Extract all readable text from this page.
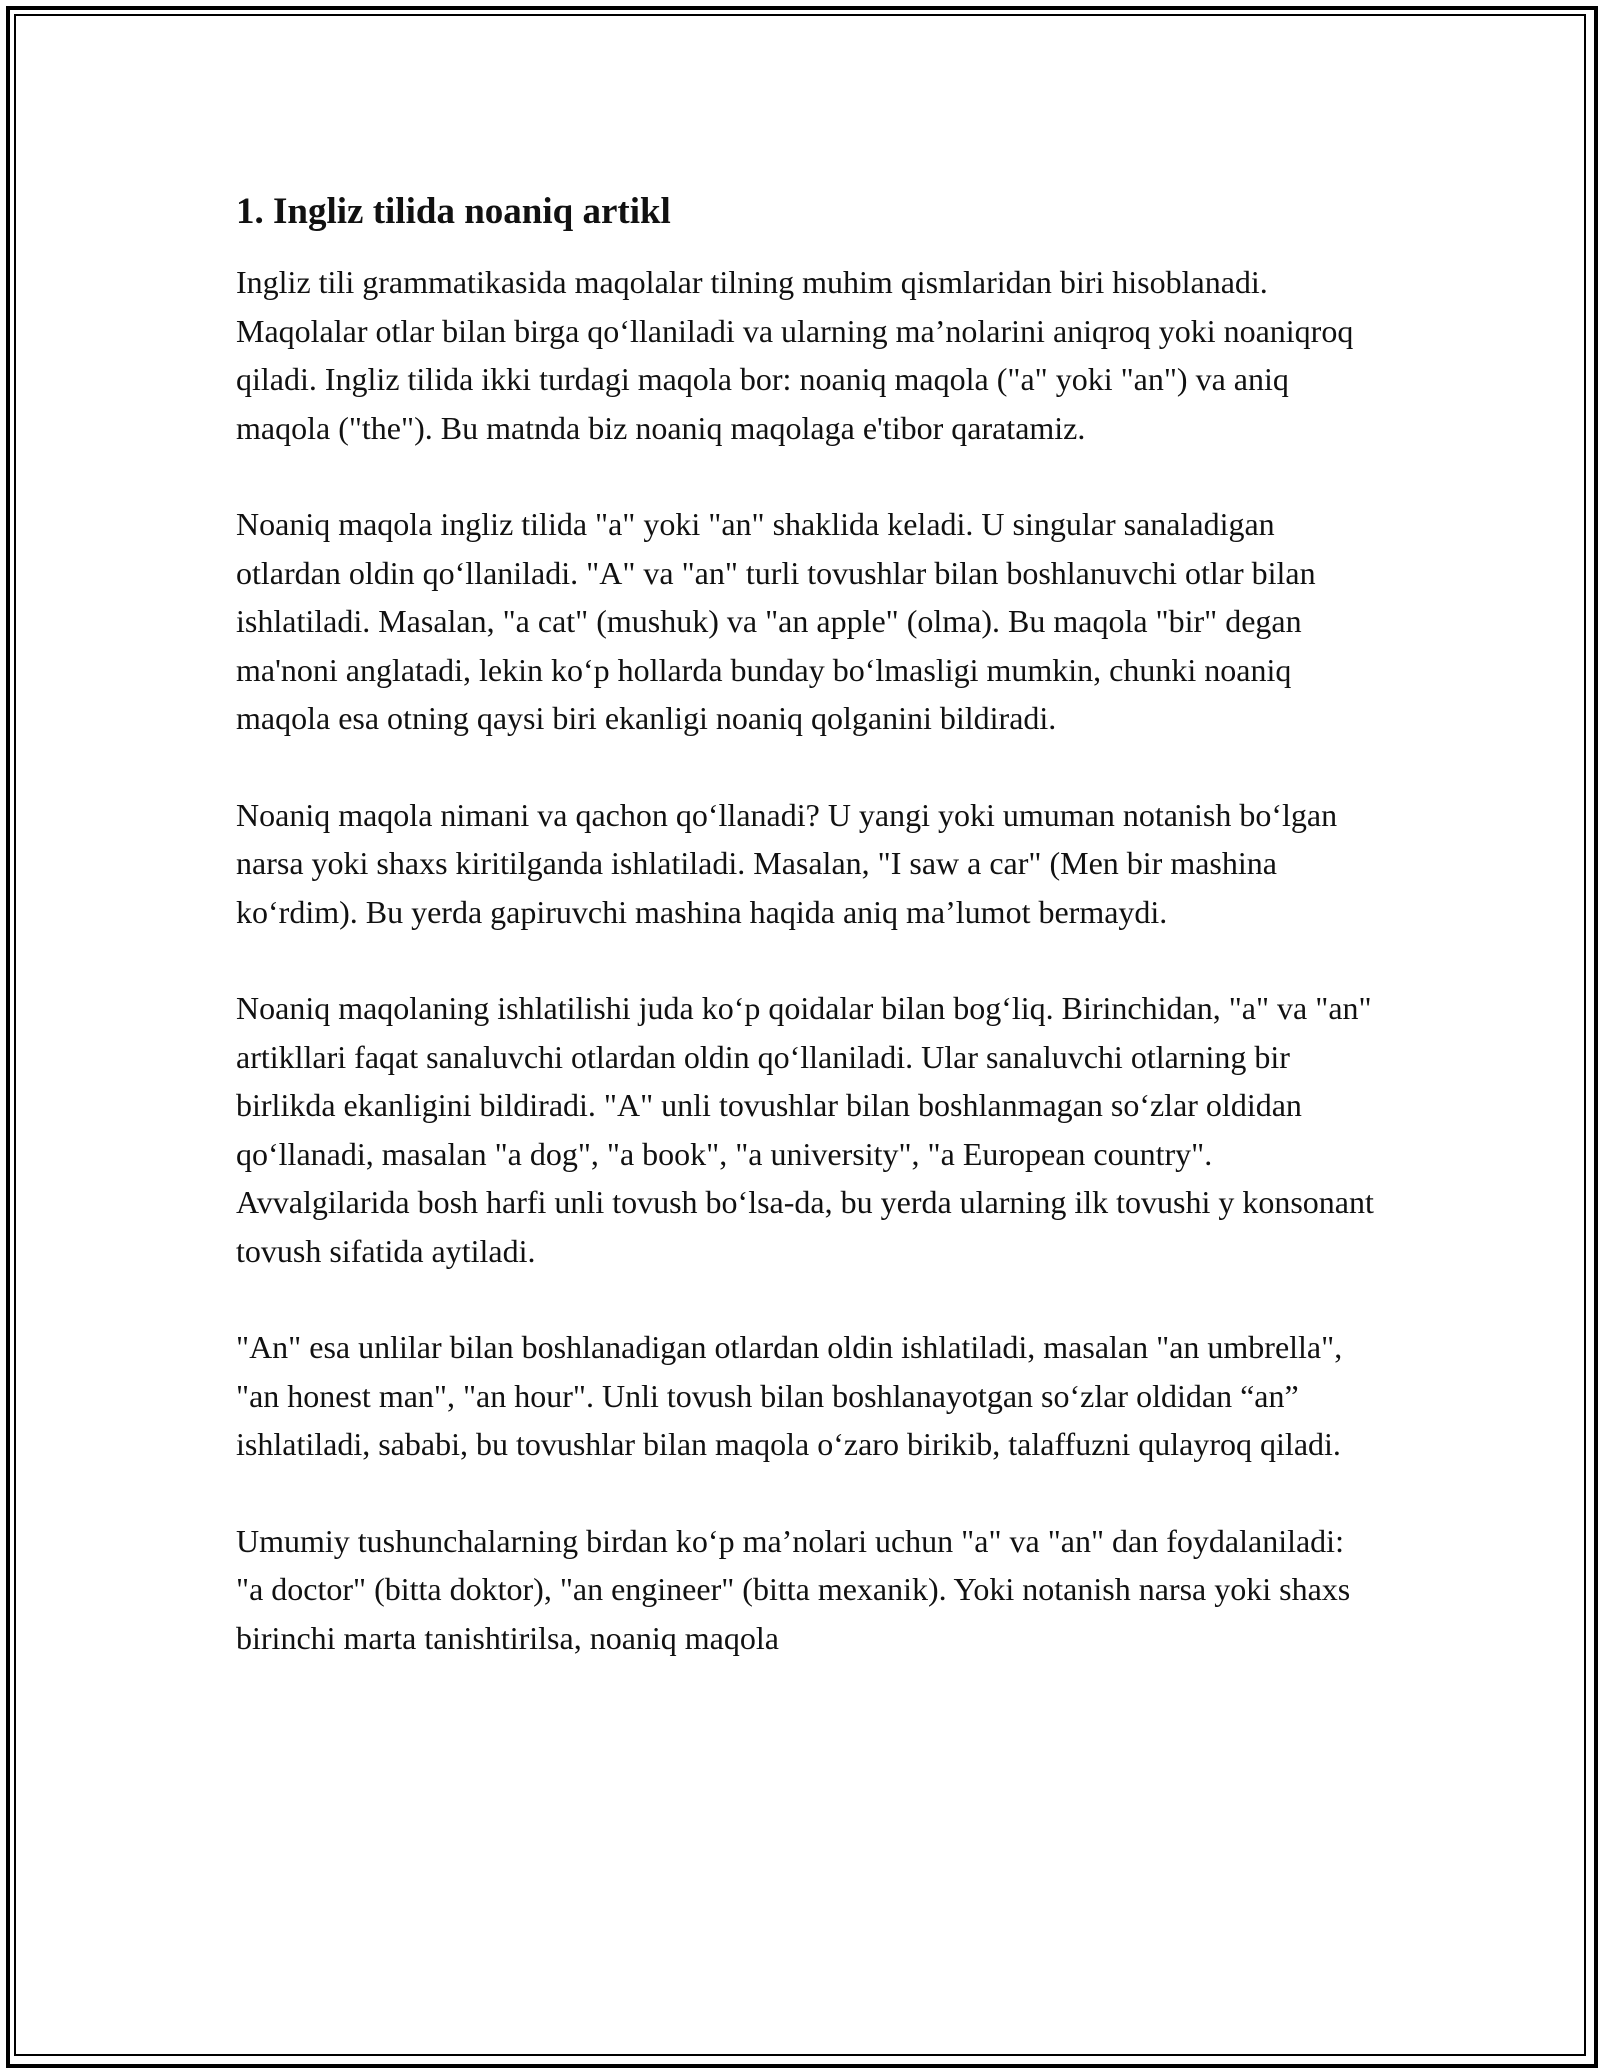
1. Ingliz tilida noaniq artikl

Ingliz tili grammatikasida maqolalar tilning muhim qismlaridan biri hisoblanadi. Maqolalar otlar bilan birga qo‘llaniladi va ularning ma’nolarini aniqroq yoki noaniqroq qiladi. Ingliz tilida ikki turdagi maqola bor: noaniq maqola ("a" yoki "an") va aniq maqola ("the"). Bu matnda biz noaniq maqolaga e'tibor qaratamiz.

Noaniq maqola ingliz tilida "a" yoki "an" shaklida keladi. U singular sanaladigan otlardan oldin qo‘llaniladi. "A" va "an" turli tovushlar bilan boshlanuvchi otlar bilan ishlatiladi. Masalan, "a cat" (mushuk) va "an apple" (olma). Bu maqola "bir" degan ma'noni anglatadi, lekin ko‘p hollarda bunday bo‘lmasligi mumkin, chunki noaniq maqola esa otning qaysi biri ekanligi noaniq qolganini bildiradi.

Noaniq maqola nimani va qachon qo‘llanadi? U yangi yoki umuman notanish bo‘lgan narsa yoki shaxs kiritilganda ishlatiladi. Masalan, "I saw a car" (Men bir mashina ko‘rdim). Bu yerda gapiruvchi mashina haqida aniq ma’lumot bermaydi.

Noaniq maqolaning ishlatilishi juda ko‘p qoidalar bilan bog‘liq. Birinchidan, "a" va "an" artikllari faqat sanaluvchi otlardan oldin qo‘llaniladi. Ular sanaluvchi otlarning bir birlikda ekanligini bildiradi. "A" unli tovushlar bilan boshlanmagan so‘zlar oldidan qo‘llanadi, masalan "a dog", "a book", "a university", "a European country". Avvalgilarida bosh harfi unli tovush bo‘lsa-da, bu yerda ularning ilk tovushi y konsonant tovush sifatida aytiladi.

"An" esa unlilar bilan boshlanadigan otlardan oldin ishlatiladi, masalan "an umbrella", "an honest man", "an hour". Unli tovush bilan boshlanayotgan so‘zlar oldidan “an” ishlatiladi, sababi, bu tovushlar bilan maqola o‘zaro birikib, talaffuzni qulayroq qiladi.

Umumiy tushunchalarning birdan ko‘p ma’nolari uchun "a" va "an" dan foydalaniladi: "a doctor" (bitta doktor), "an engineer" (bitta mexanik). Yoki notanish narsa yoki shaxs birinchi marta tanishtirilsa, noaniq maqola
